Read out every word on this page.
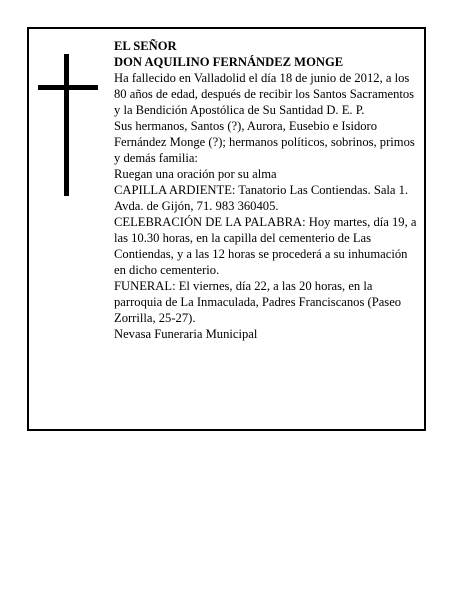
EL SEÑOR

DON AQUILINO FERNÁNDEZ MONGE

Ha fallecido en Valladolid el día 18 de junio de 2012, a los 80 años de edad, después de recibir los Santos Sacramentos y la Bendición Apostólica de Su Santidad D. E. P.

Sus hermanos, Santos (?), Aurora, Eusebio e Isidoro Fernández Monge (?); hermanos políticos, sobrinos, primos y demás familia:

Ruegan una oración por su alma

CAPILLA ARDIENTE: Tanatorio Las Contiendas. Sala 1. Avda. de Gijón, 71. 983 360405.

CELEBRACIÓN DE LA PALABRA: Hoy martes, día 19, a las 10.30 horas, en la capilla del cementerio de Las Contiendas, y a las 12 horas se procederá a su inhumación en dicho cementerio.

FUNERAL: El viernes, día 22, a las 20 horas, en la parroquia de La Inmaculada, Padres Franciscanos (Paseo Zorrilla, 25-27).

Nevasa Funeraria Municipal
